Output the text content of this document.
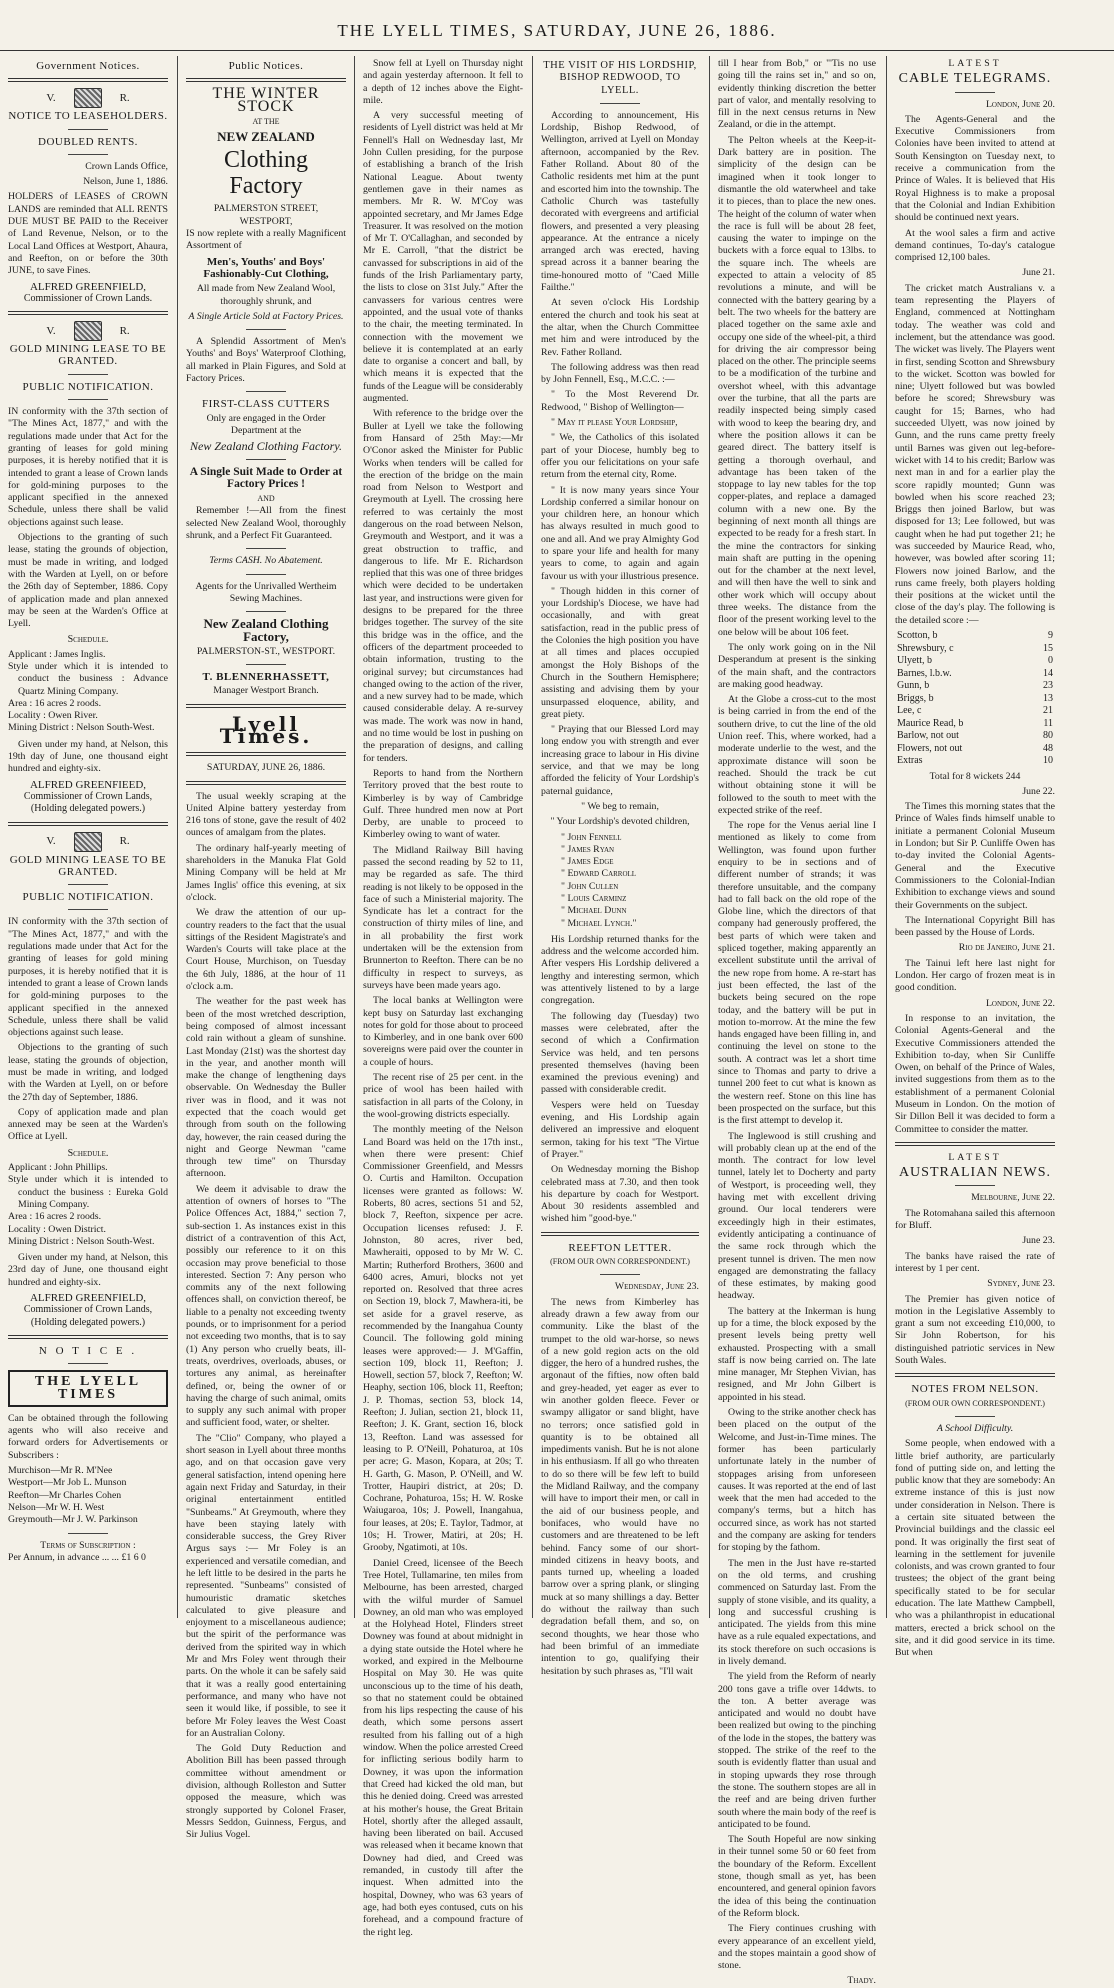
THE LYELL TIMES, SATURDAY, JUNE 26, 1886.
Government Notices.
V.	R.
NOTICE TO LEASEHOLDERS.
DOUBLED RENTS.

Crown Lands Office,

Nelson, June 1, 1886.

HOLDERS of LEASES of CROWN LANDS are reminded that ALL RENTS DUE MUST BE PAID to the Receiver of Land Revenue, Nelson, or to the Local Land Offices at Westport, Ahaura, and Reefton, on or before the 30th JUNE, to save Fines.

ALFRED GREENFIELD,
Commissioner of Crown Lands.
V.	R.
GOLD MINING LEASE TO BE GRANTED.
PUBLIC NOTIFICATION.

IN conformity with the 37th section of "The Mines Act, 1877," and with the regulations made under that Act for the granting of leases for gold mining purposes, it is hereby notified that it is intended to grant a lease of Crown lands for gold-mining purposes to the applicant specified in the annexed Schedule, unless there shall be valid objections against such lease.

Objections to the granting of such lease, stating the grounds of objection, must be made in writing, and lodged with the Warden at Lyell, on or before the 26th day of September, 1886. Copy of application made and plan annexed may be seen at the Warden's Office at Lyell.

Schedule.

Applicant : James Inglis.

Style under which it is intended to conduct the business : Advance Quartz Mining Company.

Area : 16 acres 2 roods.

Locality : Owen River.

Mining District : Nelson South-West.

Given under my hand, at Nelson, this 19th day of June, one thousand eight hundred and eighty-six.

ALFRED GREENFIEED,
Commissioner of Crown Lands, (Holding delegated powers.)
V.	R.
GOLD MINING LEASE TO BE GRANTED.
PUBLIC NOTIFICATION.

IN conformity with the 37th section of "The Mines Act, 1877," and with the regulations made under that Act for the granting of leases for gold mining purposes, it is hereby notified that it is intended to grant a lease of Crown lands for gold-mining purposes to the applicant specified in the annexed Schedule, unless there shall be valid objections against such lease.

Objections to the granting of such lease, stating the grounds of objection, must be made in writing, and lodged with the Warden at Lyell, on or before the 27th day of September, 1886.

Copy of application made and plan annexed may be seen at the Warden's Office at Lyell.

Schedule.

Applicant : John Phillips.

Style under which it is intended to conduct the business : Eureka Gold Mining Company.

Area : 16 acres 2 roods.

Locality : Owen District.

Mining District : Nelson South-West.

Given under my hand, at Nelson, this 23rd day of June, one thousand eight hundred and eighty-six.

ALFRED GREENFIELD,
Commissioner of Crown Lands, (Holding delegated powers.)
N O T I C E .
THE LYELL TIMES

Can be obtained through the following agents who will also receive and forward orders for Advertisements or Subscribers :

Murchison—Mr R. M'Nee

Westport—Mr Job L. Munson

Reefton—Mr Charles Cohen

Nelson—Mr W. H. West

Greymouth—Mr J. W. Parkinson

Terms of Subscription :

Per Annum, in advance ... ... £1 6 0

Public Notices.
THE WINTER STOCK
AT THE
NEW ZEALAND
Clothing Factory
PALMERSTON STREET,
WESTPORT,

IS now replete with a really Magnificent Assortment of

Men's, Youths' and Boys' Fashionably-Cut Clothing,

All made from New Zealand Wool, thoroughly shrunk, and

A Single Article Sold at Factory Prices.

A Splendid Assortment of Men's Youths' and Boys' Waterproof Clothing, all marked in Plain Figures, and Sold at Factory Prices.

FIRST-CLASS CUTTERS

Only are engaged in the Order Department at the

New Zealand Clothing Factory.
A Single Suit Made to Order at Factory Prices !
AND

Remember !—All from the finest selected New Zealand Wool, thoroughly shrunk, and a Perfect Fit Guaranteed.

Terms CASH. No Abatement.

Agents for the Unrivalled Wertheim Sewing Machines.

New Zealand Clothing Factory,
PALMERSTON-ST., WESTPORT.
T. BLENNERHASSETT,
Manager Westport Branch.
Lyell Times.
SATURDAY, JUNE 26, 1886.

The usual weekly scraping at the United Alpine battery yesterday from 216 tons of stone, gave the result of 402 ounces of amalgam from the plates.

The ordinary half-yearly meeting of shareholders in the Manuka Flat Gold Mining Company will be held at Mr James Inglis' office this evening, at six o'clock.

We draw the attention of our up-country readers to the fact that the usual sittings of the Resident Magistrate's and Warden's Courts will take place at the Court House, Murchison, on Tuesday the 6th July, 1886, at the hour of 11 o'clock a.m.

The weather for the past week has been of the most wretched description, being composed of almost incessant cold rain without a gleam of sunshine. Last Monday (21st) was the shortest day in the year, and another month will make the change of lengthening days observable. On Wednesday the Buller river was in flood, and it was not expected that the coach would get through from south on the following day, however, the rain ceased during the night and George Newman "came through tew time" on Thursday afternoon.

We deem it advisable to draw the attention of owners of horses to "The Police Offences Act, 1884," section 7, sub-section 1. As instances exist in this district of a contravention of this Act, possibly our reference to it on this occasion may prove beneficial to those interested. Section 7: Any person who commits any of the next following offences shall, on conviction thereof, be liable to a penalty not exceeding twenty pounds, or to imprisonment for a period not exceeding two months, that is to say (1) Any person who cruelly beats, ill-treats, overdrives, overloads, abuses, or tortures any animal, as hereinafter defined, or, being the owner of or having the charge of such animal, omits to supply any such animal with proper and sufficient food, water, or shelter.

The "Clio" Company, who played a short season in Lyell about three months ago, and on that occasion gave very general satisfaction, intend opening here again next Friday and Saturday, in their original entertainment entitled "Sunbeams." At Greymouth, where they have been staying lately with considerable success, the Grey River Argus says :— Mr Foley is an experienced and versatile comedian, and he left little to be desired in the parts he represented. "Sunbeams" consisted of humouristic dramatic sketches calculated to give pleasure and enjoyment to a miscellaneous audience; but the spirit of the performance was derived from the spirited way in which Mr and Mrs Foley went through their parts. On the whole it can be safely said that it was a really good entertaining performance, and many who have not seen it would like, if possible, to see it before Mr Foley leaves the West Coast for an Australian Colony.

The Gold Duty Reduction and Abolition Bill has been passed through committee without amendment or division, although Rolleston and Sutter opposed the measure, which was strongly supported by Colonel Fraser, Messrs Seddon, Guinness, Fergus, and Sir Julius Vogel.

Snow fell at Lyell on Thursday night and again yesterday afternoon. It fell to a depth of 12 inches above the Eight-mile.

A very successful meeting of residents of Lyell district was held at Mr Fennell's Hall on Wednesday last, Mr John Cullen presiding, for the purpose of establishing a branch of the Irish National League. About twenty gentlemen gave in their names as members. Mr R. W. M'Coy was appointed secretary, and Mr James Edge Treasurer. It was resolved on the motion of Mr T. O'Callaghan, and seconded by Mr E. Carroll, "that the district be canvassed for subscriptions in aid of the funds of the Irish Parliamentary party, the lists to close on 31st July." After the canvassers for various centres were appointed, and the usual vote of thanks to the chair, the meeting terminated. In connection with the movement we believe it is contemplated at an early date to organise a concert and ball, by which means it is expected that the funds of the League will be considerably augmented.

With reference to the bridge over the Buller at Lyell we take the following from Hansard of 25th May:—Mr O'Conor asked the Minister for Public Works when tenders will be called for the erection of the bridge on the main road from Nelson to Westport and Greymouth at Lyell. The crossing here referred to was certainly the most dangerous on the road between Nelson, Greymouth and Westport, and it was a great obstruction to traffic, and dangerous to life. Mr E. Richardson replied that this was one of three bridges which were decided to be undertaken last year, and instructions were given for designs to be prepared for the three bridges together. The survey of the site this bridge was in the office, and the officers of the department proceeded to obtain information, trusting to the original survey; but circumstances had changed owing to the action of the river, and a new survey had to be made, which caused considerable delay. A re-survey was made. The work was now in hand, and no time would be lost in pushing on the preparation of designs, and calling for tenders.

Reports to hand from the Northern Territory proved that the best route to Kimberley is by way of Cambridge Gulf. Three hundred men now at Port Derby, are unable to proceed to Kimberley owing to want of water.

The Midland Railway Bill having passed the second reading by 52 to 11, may be regarded as safe. The third reading is not likely to be opposed in the face of such a Ministerial majority. The Syndicate has let a contract for the construction of thirty miles of line, and in all probability the first work undertaken will be the extension from Brunnerton to Reefton. There can be no difficulty in respect to surveys, as surveys have been made years ago.

The local banks at Wellington were kept busy on Saturday last exchanging notes for gold for those about to proceed to Kimberley, and in one bank over 600 sovereigns were paid over the counter in a couple of hours.

The recent rise of 25 per cent. in the price of wool has been hailed with satisfaction in all parts of the Colony, in the wool-growing districts especially.

The monthly meeting of the Nelson Land Board was held on the 17th inst., when there were present: Chief Commissioner Greenfield, and Messrs O. Curtis and Hamilton. Occupation licenses were granted as follows: W. Roberts, 80 acres, sections 51 and 52, block 7, Reefton, sixpence per acre. Occupation licenses refused: J. F. Johnston, 80 acres, river bed, Mawheraiti, opposed to by Mr W. C. Martin; Rutherford Brothers, 3600 and 6400 acres, Amuri, blocks not yet reported on. Resolved that three acres on Section 19, block 7, Mawhera-iti, be set aside for a gravel reserve, as recommended by the Inangahua County Council. The following gold mining leases were approved:— J. M'Gaffin, section 109, block 11, Reefton; J. Howell, section 57, block 7, Reefton; W. Heaphy, section 106, block 11, Reefton; J. P. Thomas, section 53, block 14, Reefton; J. Julian, section 21, block 11, Reefton; J. K. Grant, section 16, block 13, Reefton. Land was assessed for leasing to P. O'Neill, Pohaturoa, at 10s per acre; G. Mason, Kopara, at 20s; T. H. Garth, G. Mason, P. O'Neill, and W. Trotter, Haupiri district, at 20s; D. Cochrane, Pohaturoa, 15s; H. W. Roske Waiugaroa, 10s; J. Powell, Inangahua, four leases, at 20s; E. Taylor, Tadmor, at 10s; H. Trower, Matiri, at 20s; H. Grooby, Ngatimoti, at 10s.

Daniel Creed, licensee of the Beech Tree Hotel, Tullamarine, ten miles from Melbourne, has been arrested, charged with the wilful murder of Samuel Downey, an old man who was employed at the Holyhead Hotel, Flinders street Downey was found at about midnight in a dying state outside the Hotel where he worked, and expired in the Melbourne Hospital on May 30. He was quite unconscious up to the time of his death, so that no statement could be obtained from his lips respecting the cause of his death, which some persons assert resulted from his falling out of a high window. When the police arrested Creed for inflicting serious bodily harm to Downey, it was upon the information that Creed had kicked the old man, but this he denied doing. Creed was arrested at his mother's house, the Great Britain Hotel, shortly after the alleged assault, having been liberated on bail. Accused was released when it became known that Downey had died, and Creed was remanded, in custody till after the inquest. When admitted into the hospital, Downey, who was 63 years of age, had both eyes contused, cuts on his forehead, and a compound fracture of the right leg.

THE VISIT OF HIS LORDSHIP, BISHOP REDWOOD, TO LYELL.

According to announcement, His Lordship, Bishop Redwood, of Wellington, arrived at Lyell on Monday afternoon, accompanied by the Rev. Father Rolland. About 80 of the Catholic residents met him at the punt and escorted him into the township. The Catholic Church was tastefully decorated with evergreens and artificial flowers, and presented a very pleasing appearance. At the entrance a nicely arranged arch was erected, having spread across it a banner bearing the time-honoured motto of "Caed Mille Failthe."

At seven o'clock His Lordship entered the church and took his seat at the altar, when the Church Committee met him and were introduced by the Rev. Father Rolland.

The following address was then read by John Fennell, Esq., M.C.C. :—

" To the Most Reverend Dr. Redwood, " Bishop of Wellington—

" May it please Your Lordship,

" We, the Catholics of this isolated part of your Diocese, humbly beg to offer you our felicitations on your safe return from the eternal city, Rome.

" It is now many years since Your Lordship conferred a similar honour on your children here, an honour which has always resulted in much good to one and all. And we pray Almighty God to spare your life and health for many years to come, to again and again favour us with your illustrious presence.

" Though hidden in this corner of your Lordship's Diocese, we have had occasionally, and with great satisfaction, read in the public press of the Colonies the high position you have at all times and places occupied amongst the Holy Bishops of the Church in the Southern Hemisphere; assisting and advising them by your unsurpassed eloquence, ability, and great piety.

" Praying that our Blessed Lord may long endow you with strength and ever increasing grace to labour in His divine service, and that we may be long afforded the felicity of Your Lordship's paternal guidance,

" We beg to remain,

" Your Lordship's devoted children,

" John Fennell

" James Ryan

" James Edge

" Edward Carroll

" John Cullen

" Louis Carminz

" Michael Dunn

" Michael Lynch."

His Lordship returned thanks for the address and the welcome accorded him. After vespers His Lordship delivered a lengthy and interesting sermon, which was attentively listened to by a large congregation.

The following day (Tuesday) two masses were celebrated, after the second of which a Confirmation Service was held, and ten persons presented themselves (having been examined the previous evening) and passed with considerable credit.

Vespers were held on Tuesday evening, and His Lordship again delivered an impressive and eloquent sermon, taking for his text "The Virtue of Prayer."

On Wednesday morning the Bishop celebrated mass at 7.30, and then took his departure by coach for Westport. About 30 residents assembled and wished him "good-bye."

REEFTON LETTER.
(FROM OUR OWN CORRESPONDENT.)

Wednesday, June 23.

The news from Kimberley has already drawn a few away from our community. Like the blast of the trumpet to the old war-horse, so news of a new gold region acts on the old digger, the hero of a hundred rushes, the argonaut of the fifties, now often bald and grey-headed, yet eager as ever to win another golden fleece. Fever or swampy alligator or sand blight, have no terrors; once satisfied gold in quantity is to be obtained all impediments vanish. But he is not alone in his enthusiasm. If all go who threaten to do so there will be few left to build the Midland Railway, and the company will have to import their men, or call in the aid of our business people, and bonifaces, who would have no customers and are threatened to be left behind. Fancy some of our short-minded citizens in heavy boots, and pants turned up, wheeling a loaded barrow over a spring plank, or slinging muck at so many shillings a day. Better do without the railway than such degradation befall them, and so, on second thoughts, we hear those who had been brimful of an immediate intention to go, qualifying their hesitation by such phrases as, "I'll wait

till I hear from Bob," or "'Tis no use going till the rains set in," and so on, evidently thinking discretion the better part of valor, and mentally resolving to fill in the next census returns in New Zealand, or die in the attempt.

The Pelton wheels at the Keep-it-Dark battery are in position. The simplicity of the design can be imagined when it took longer to dismantle the old waterwheel and take it to pieces, than to place the new ones. The height of the column of water when the race is full will be about 28 feet, causing the water to impinge on the buckets with a force equal to 13lbs. to the square inch. The wheels are expected to attain a velocity of 85 revolutions a minute, and will be connected with the battery gearing by a belt. The two wheels for the battery are placed together on the same axle and occupy one side of the wheel-pit, a third for driving the air compressor being placed on the other. The principle seems to be a modification of the turbine and overshot wheel, with this advantage over the turbine, that all the parts are readily inspected being simply cased with wood to keep the bearing dry, and where the position allows it can be geared direct. The battery itself is getting a thorough overhaul, and advantage has been taken of the stoppage to lay new tables for the top copper-plates, and replace a damaged column with a new one. By the beginning of next month all things are expected to be ready for a fresh start. In the mine the contractors for sinking main shaft are putting in the opening out for the chamber at the next level, and will then have the well to sink and other work which will occupy about three weeks. The distance from the floor of the present working level to the one below will be about 106 feet.

The only work going on in the Nil Desperandum at present is the sinking of the main shaft, and the contractors are making good headway.

At the Globe a cross-cut to the most is being carried in from the end of the southern drive, to cut the line of the old Union reef. This, where worked, had a moderate underlie to the west, and the approximate distance will soon be reached. Should the track be cut without obtaining stone it will be followed to the south to meet with the expected strike of the reef.

The rope for the Venus aerial line I mentioned as likely to come from Wellington, was found upon further enquiry to be in sections and of different number of strands; it was therefore unsuitable, and the company had to fall back on the old rope of the Globe line, which the directors of that company had generously proffered, the best parts of which were taken and spliced together, making apparently an excellent substitute until the arrival of the new rope from home. A re-start has just been effected, the last of the buckets being secured on the rope today, and the battery will be put in motion to-morrow. At the mine the few hands engaged have been filling in, and continuing the level on stone to the south. A contract was let a short time since to Thomas and party to drive a tunnel 200 feet to cut what is known as the western reef. Stone on this line has been prospected on the surface, but this is the first attempt to develop it.

The Inglewood is still crushing and will probably clean up at the end of the month. The contract for low level tunnel, lately let to Docherty and party of Westport, is proceeding well, they having met with excellent driving ground. Our local tenderers were exceedingly high in their estimates, evidently anticipating a continuance of the same rock through which the present tunnel is driven. The men now engaged are demonstrating the fallacy of these estimates, by making good headway.

The battery at the Inkerman is hung up for a time, the block exposed by the present levels being pretty well exhausted. Prospecting with a small staff is now being carried on. The late mine manager, Mr Stephen Vivian, has resigned, and Mr John Gilbert is appointed in his stead.

Owing to the strike another check has been placed on the output of the Welcome, and Just-in-Time mines. The former has been particularly unfortunate lately in the number of stoppages arising from unforeseen causes. It was reported at the end of last week that the men had acceded to the company's terms, but a hitch has occurred since, as work has not started and the company are asking for tenders for stoping by the fathom.

The men in the Just have re-started on the old terms, and crushing commenced on Saturday last. From the supply of stone visible, and its quality, a long and successful crushing is anticipated. The yields from this mine have as a rule equaled expectations, and its stock therefore on such occasions is in lively demand.

The yield from the Reform of nearly 200 tons gave a trifle over 14dwts. to the ton. A better average was anticipated and would no doubt have been realized but owing to the pinching of the lode in the stopes, the battery was stopped. The strike of the reef to the south is evidently flatter than usual and in stoping upwards they rose through the stone. The southern stopes are all in the reef and are being driven further south where the main body of the reef is anticipated to be found.

The South Hopeful are now sinking in their tunnel some 50 or 60 feet from the boundary of the Reform. Excellent stone, though small as yet, has been encountered, and general opinion favors the idea of this being the continuation of the Reform block.

The Fiery continues crushing with every appearance of an excellent yield, and the stopes maintain a good show of stone.

Thady.

LATEST
CABLE TELEGRAMS.

London, June 20.

The Agents-General and the Executive Commissioners from Colonies have been invited to attend at South Kensington on Tuesday next, to receive a communication from the Prince of Wales. It is believed that His Royal Highness is to make a proposal that the Colonial and Indian Exhibition should be continued next years.

At the wool sales a firm and active demand continues, To-day's catalogue comprised 12,100 bales.

June 21.

The cricket match Australians v. a team representing the Players of England, commenced at Nottingham today. The weather was cold and inclement, but the attendance was good. The wicket was lively. The Players went in first, sending Scotton and Shrewsbury to the wicket. Scotton was bowled for nine; Ulyett followed but was bowled before he scored; Shrewsbury was caught for 15; Barnes, who had succeeded Ulyett, was now joined by Gunn, and the runs came pretty freely until Barnes was given out leg-before-wicket with 14 to his credit; Barlow was next man in and for a earlier play the score rapidly mounted; Gunn was bowled when his score reached 23; Briggs then joined Barlow, but was disposed for 13; Lee followed, but was caught when he had put together 21; he was succeeded by Maurice Read, who, however, was bowled after scoring 11; Flowers now joined Barlow, and the runs came freely, both players holding their positions at the wicket until the close of the day's play. The following is the detailed score :—

Scotton, b	9
Shrewsbury, c	15
Ulyett, b	0
Barnes, l.b.w.	14
Gunn, b	23
Briggs, b	13
Lee, c	21
Maurice Read, b	11
Barlow, not out	80
Flowers, not out	48
Extras	10

Total for 8 wickets 244

June 22.

The Times this morning states that the Prince of Wales finds himself unable to initiate a permanent Colonial Museum in London; but Sir P. Cunliffe Owen has to-day invited the Colonial Agents-General and the Executive Commissioners to the Colonial-Indian Exhibition to exchange views and sound their Governments on the subject.

The International Copyright Bill has been passed by the House of Lords.

Rio de Janeiro, June 21.

The Tainui left here last night for London. Her cargo of frozen meat is in good condition.

London, June 22.

In response to an invitation, the Colonial Agents-General and the Executive Commissioners attended the Exhibition to-day, when Sir Cunliffe Owen, on behalf of the Prince of Wales, invited suggestions from them as to the establishment of a permanent Colonial Museum in London. On the motion of Sir Dillon Bell it was decided to form a Committee to consider the matter.

LATEST
AUSTRALIAN NEWS.

Melbourne, June 22.

The Rotomahana sailed this afternoon for Bluff.

June 23.

The banks have raised the rate of interest by 1 per cent.

Sydney, June 23.

The Premier has given notice of motion in the Legislative Assembly to grant a sum not exceeding £10,000, to Sir John Robertson, for his distinguished patriotic services in New South Wales.

NOTES FROM NELSON.
(FROM OUR OWN CORRESPONDENT.)

A School Difficulty.

Some people, when endowed with a little brief authority, are particularly fond of putting side on, and letting the public know that they are somebody: An extreme instance of this is just now under consideration in Nelson. There is a certain site situated between the Provincial buildings and the classic eel pond. It was originally the first seat of learning in the settlement for juvenile colonists, and was crown granted to four trustees; the object of the grant being specifically stated to be for secular education. The late Matthew Campbell, who was a philanthropist in educational matters, erected a brick school on the site, and it did good service in its time. But when
